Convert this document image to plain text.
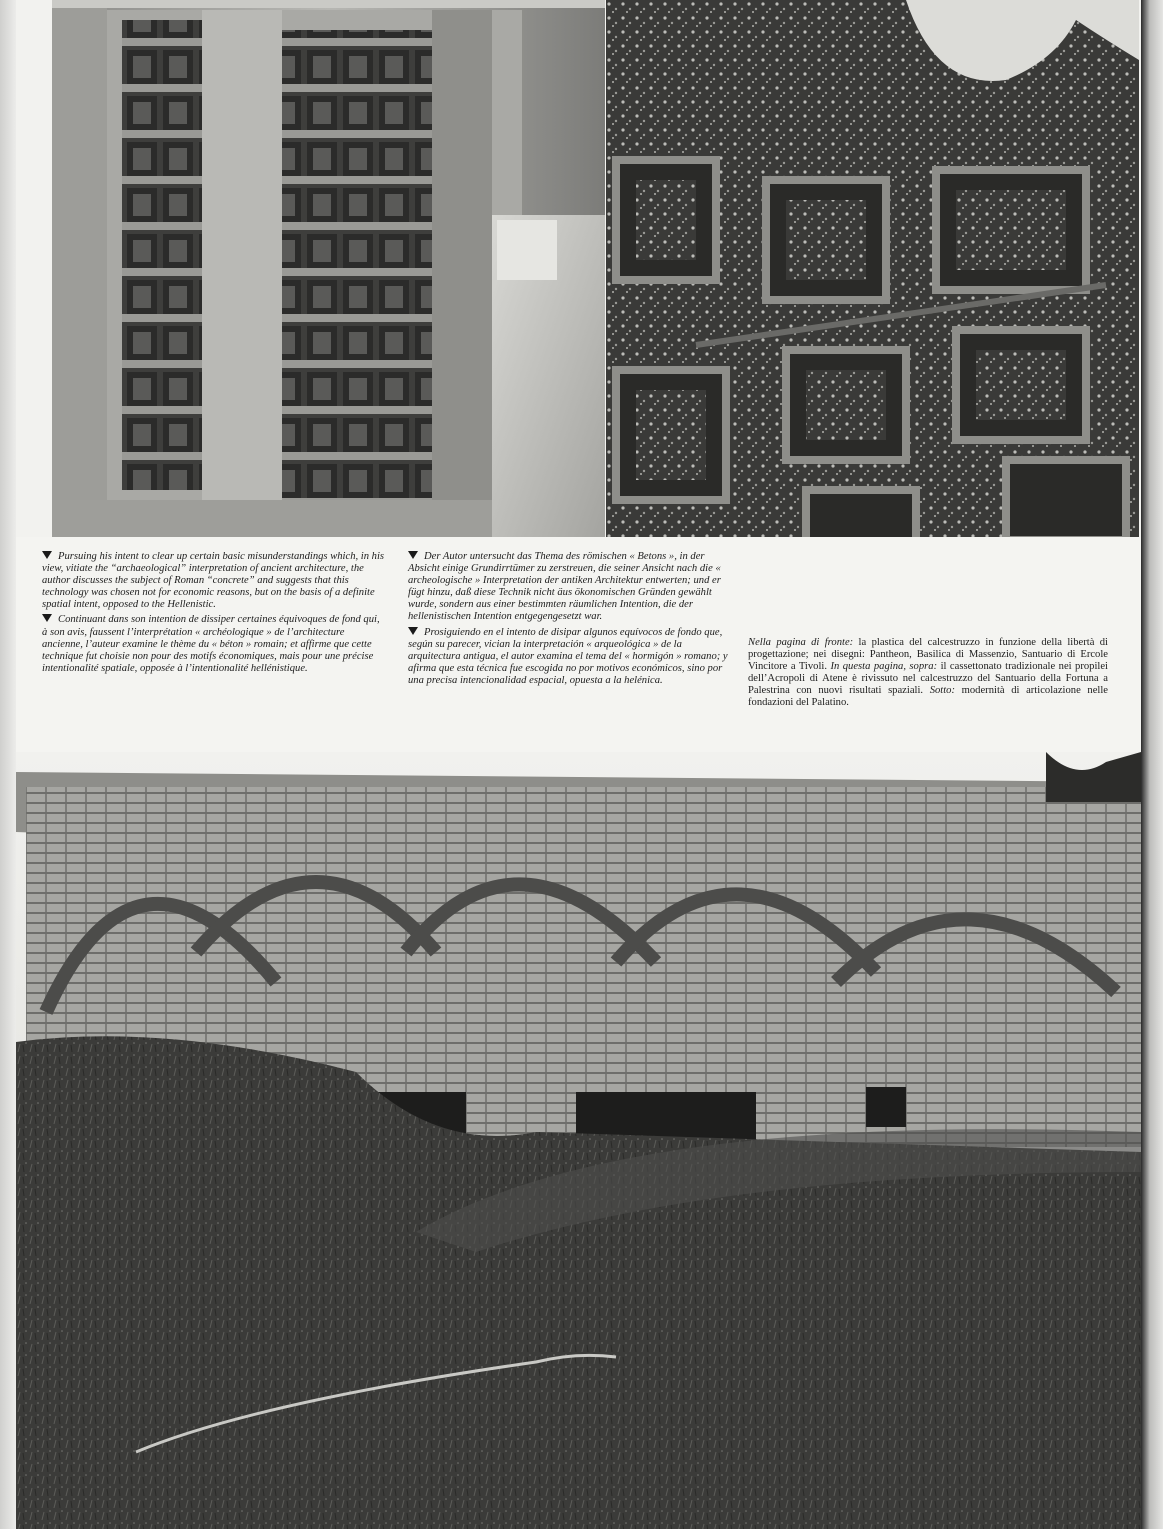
Pursuing his intent to clear up certain basic misunderstandings which, in his view, vitiate the “archaeological” interpretation of ancient architecture, the author discusses the subject of Roman “concrete” and suggests that this technology was chosen not for economic reasons, but on the basis of a definite spatial intent, opposed to the Hellenistic.

Continuant dans son intention de dissiper certaines équivoques de fond qui, à son avis, faussent l’interprétation « archéologique » de l’architecture ancienne, l’auteur examine le thème du « béton » romain; et affirme que cette technique fut choisie non pour des motifs économiques, mais pour une précise intentionalité spatiale, opposée à l’intentionalité hellénistique.

Der Autor untersucht das Thema des römischen « Betons », in der Absicht einige Grundirrtümer zu zerstreuen, die seiner Ansicht nach die « archeologische » Interpretation der antiken Architektur entwerten; und er fügt hinzu, daß diese Technik nicht äus ökonomischen Gründen gewählt wurde, sondern aus einer bestimmten räumlichen Intention, die der hellenistischen Intention entgegengesetzt war.

Prosiguiendo en el intento de disipar algunos equívocos de fondo que, según su parecer, vician la interpretación « arqueológica » de la arquitectura antigua, el autor examina el tema del « hormigón » romano; y afirma que esta técnica fue escogida no por motivos económicos, sino por una precisa intencionalidad espacial, opuesta a la helénica.

Nella pagina di fronte: la plastica del calcestruzzo in funzione della libertà di progettazione; nei disegni: Pantheon, Basilica di Massenzio, Santuario di Ercole Vincitore a Tivoli. In questa pagina, sopra: il cassettonato tradizionale nei propilei dell’Acropoli di Atene è rivissuto nel calcestruzzo del Santuario della Fortuna a Palestrina con nuovi risultati spaziali. Sotto: modernità di articolazione nelle fondazioni del Palatino.
